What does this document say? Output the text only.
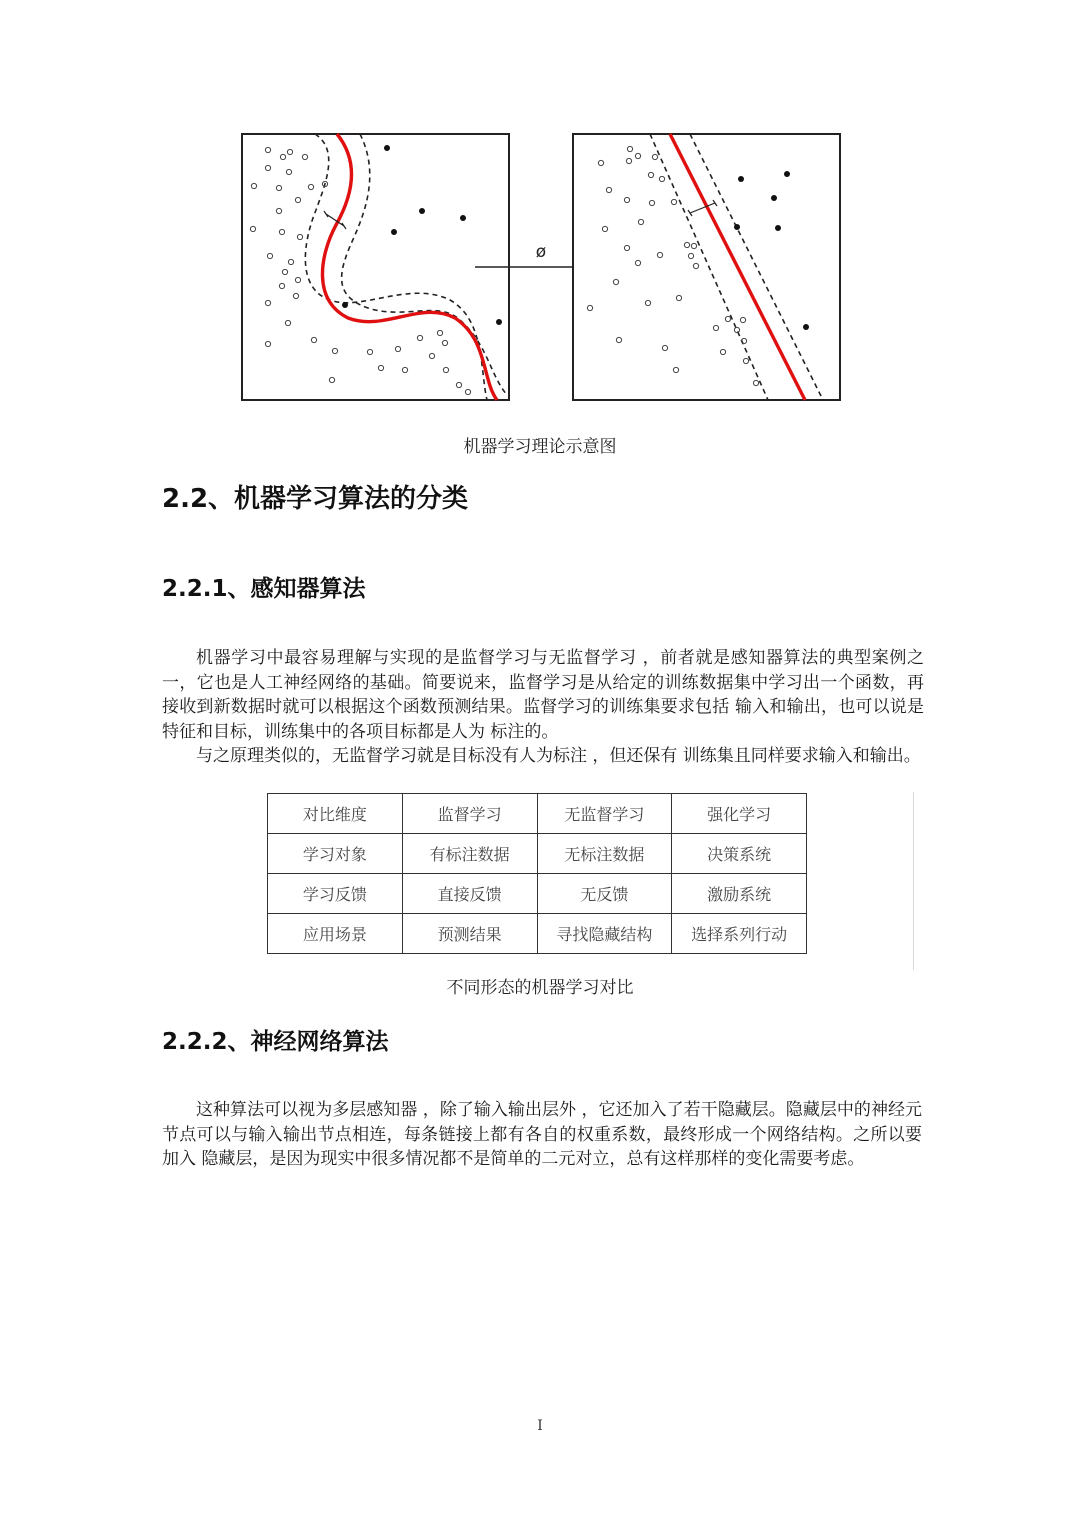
ø
机器学习理论示意图
2.2、机器学习算法的分类
2.2.1、感知器算法

机器学习中最容易理解与实现的是监督学习与无监督学习 ，前者就是感知器算法的典型案例之一，它也是人工神经网络的基础。简要说来，监督学习是从给定的训练数据集中学习出一个函数，再接收到新数据时就可以根据这个函数预测结果。监督学习的训练集要求包括 输入和输出，也可以说是特征和目标，训练集中的各项目标都是人为 标注的。

与之原理类似的，无监督学习就是目标没有人为标注 ，但还保有 训练集且同样要求输入和输出。

对比维度	监督学习	无监督学习	强化学习
学习对象	有标注数据	无标注数据	决策系统
学习反馈	直接反馈	无反馈	激励系统
应用场景	预测结果	寻找隐藏结构	选择系列行动
不同形态的机器学习对比
2.2.2、神经网络算法

这种算法可以视为多层感知器 ，除了输入输出层外 ，它还加入了若干隐藏层。隐藏层中的神经元节点可以与输入输出节点相连，每条链接上都有各自的权重系数，最终形成一个网络结构。之所以要加入 隐藏层，是因为现实中很多情况都不是简单的二元对立，总有这样那样的变化需要考虑。

I
